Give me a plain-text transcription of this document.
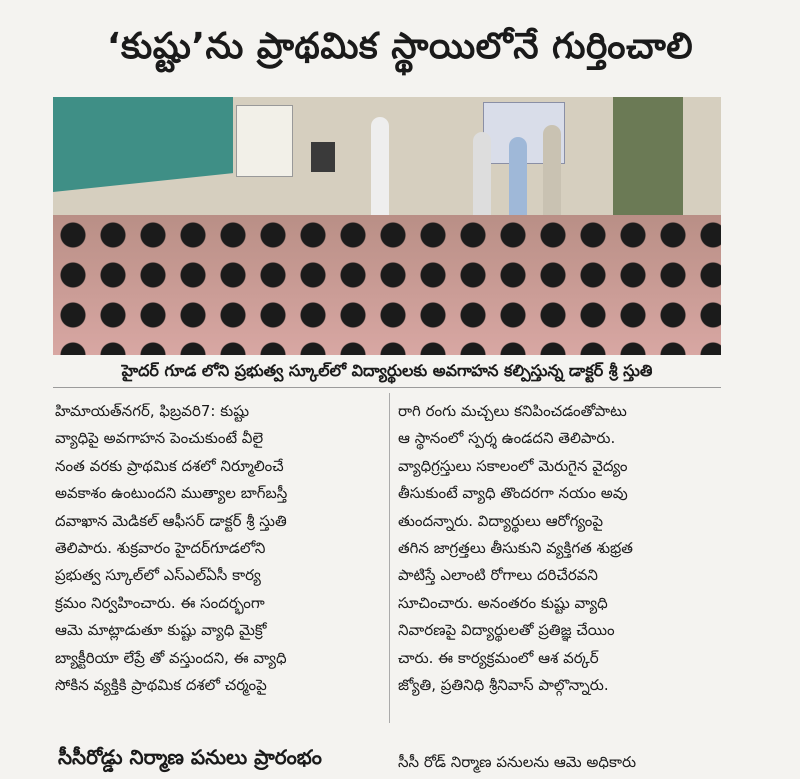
‘కుష్టు’ను ప్రాథమిక స్థాయిలోనే గుర్తించాలి
హైదర్ గూడ లోని ప్రభుత్వ స్కూల్‌లో విద్యార్థులకు అవగాహన కల్పిస్తున్న డాక్టర్ శ్రీ స్తుతి
హిమాయత్‌నగర్, ఫిబ్రవరి7: కుష్టు
వ్యాధిపై అవగాహన పెంచుకుంటే వీలై
నంత వరకు ప్రాథమిక దశలో నిర్మూలించే
అవకాశం ఉంటుందని ముత్యాల బాగ్‌బస్తీ
దవాఖాన మెడికల్ ఆఫీసర్ డాక్టర్ శ్రీ స్తుతి
తెలిపారు. శుక్రవారం హైదర్‌గూడలోని
ప్రభుత్వ స్కూల్‌లో ఎస్‌ఎల్‌ఏసీ కార్య
క్రమం నిర్వహించారు. ఈ సందర్భంగా
ఆమె మాట్లాడుతూ కుష్టు వ్యాధి మైక్రో
బ్యాక్టీరియా లేప్రే తో వస్తుందని, ఈ వ్యాధి
సోకిన వ్యక్తికి ప్రాథమిక దశలో చర్మంపై
రాగి రంగు మచ్చలు కనిపించడంతోపాటు
ఆ స్థానంలో స్పర్శ ఉండదని తెలిపారు.
వ్యాధిగ్రస్తులు సకాలంలో మెరుగైన వైద్యం
తీసుకుంటే వ్యాధి తొందరగా నయం అవు
తుందన్నారు. విద్యార్థులు ఆరోగ్యంపై
తగిన జాగ్రత్తలు తీసుకుని వ్యక్తిగత శుభ్రత
పాటిస్తే ఎలాంటి రోగాలు దరిచేరవని
సూచించారు. అనంతరం కుష్టు వ్యాధి
నివారణపై విద్యార్థులతో ప్రతిజ్ఞ చేయిం
చారు. ఈ కార్యక్రమంలో ఆశ వర్కర్
జ్యోతి, ప్రతినిధి శ్రీనివాస్ పాల్గొన్నారు.
సీసీరోడ్డు నిర్మాణ పనులు ప్రారంభం	సీసీ రోడ్ నిర్మాణ పనులను ఆమె అధికారు
